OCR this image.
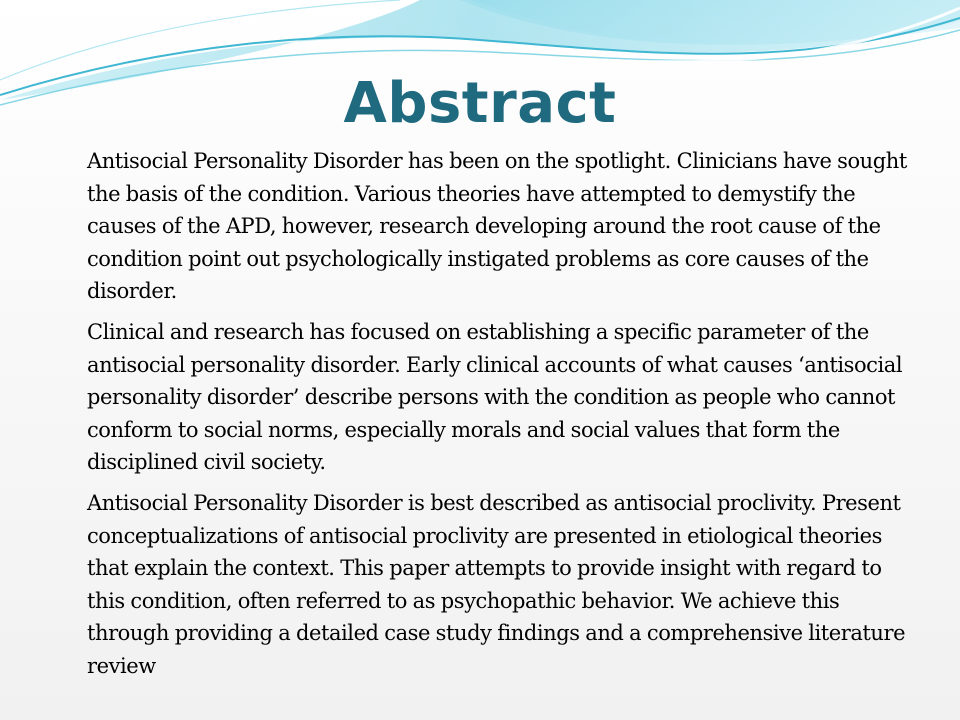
Abstract

Antisocial Personality Disorder has been on the spotlight. Clinicians have sought the basis of the condition. Various theories have attempted to demystify the causes of the APD, however, research developing around the root cause of the condition point out psychologically instigated problems as core causes of the disorder.

Clinical and research has focused on establishing a specific parameter of the antisocial personality disorder. Early clinical accounts of what causes ‘antisocial personality disorder’ describe persons with the condition as people who cannot conform to social norms, especially morals and social values that form the disciplined civil society.

Antisocial Personality Disorder is best described as antisocial proclivity. Present conceptualizations of antisocial proclivity are presented in etiological theories that explain the context. This paper attempts to provide insight with regard to this condition, often referred to as psychopathic behavior. We achieve this through providing a detailed case study findings and a comprehensive literature review
